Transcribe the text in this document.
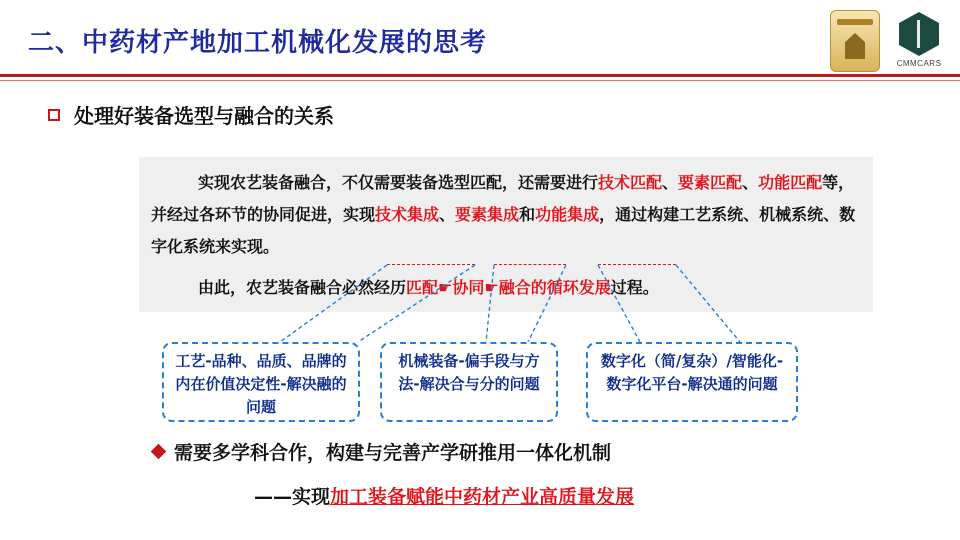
二、中药材产地加工机械化发展的思考
CMMCARS
处理好装备选型与融合的关系
实现农艺装备融合，不仅需要装备选型匹配，还需要进行技术匹配、要素匹配、功能匹配等，并经过各环节的协同促进，实现技术集成、要素集成和功能集成，通过构建工艺系统、机械系统、数字化系统来实现。
由此，农艺装备融合必然经历匹配☛协同☛融合的循环发展过程。
工艺-品种、品质、品牌的内在价值决定性-解决融的问题
机械装备-偏手段与方法-解决合与分的问题
数字化（简/复杂）/智能化-数字化平台-解决通的问题
需要多学科合作，构建与完善产学研推用一体化机制
——实现加工装备赋能中药材产业高质量发展
